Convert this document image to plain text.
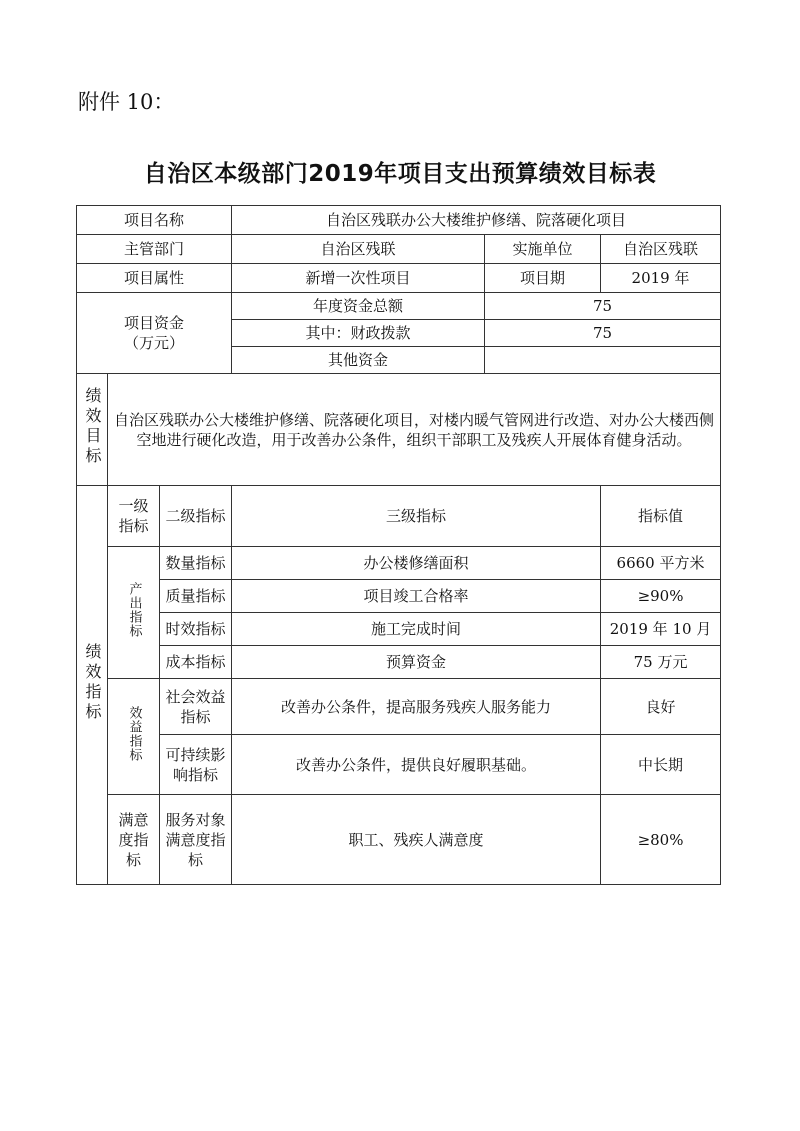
附件 10：
自治区本级部门2019年项目支出预算绩效目标表
项目名称			自治区残联办公大楼维护修缮、院落硬化项目		
主管部门			自治区残联	实施单位	自治区残联
项目属性			新增一次性项目	项目期	2019 年

项目资金
（万元）			年度资金总额	75	
			其中：财政拨款	75	
			其他资金		
绩效目标	自治区残联办公大楼维护修缮、院落硬化项目，对楼内暖气管网进行改造、对办公大楼西侧空地进行硬化改造，用于改善办公条件，组织干部职工及残疾人开展体育健身活动。				
绩效指标	一级指标	二级指标	三级指标		指标值
	产出指标	数量指标	办公楼修缮面积		6660 平方米
		质量指标	项目竣工合格率		≥90%
		时效指标	施工完成时间		2019 年 10 月
		成本指标	预算资金		75 万元
	效益指标	社会效益指标	改善办公条件，提高服务残疾人服务能力		良好
		可持续影响指标	改善办公条件，提供良好履职基础。		中长期
	满意度指标	服务对象满意度指标	职工、残疾人满意度		≥80%
